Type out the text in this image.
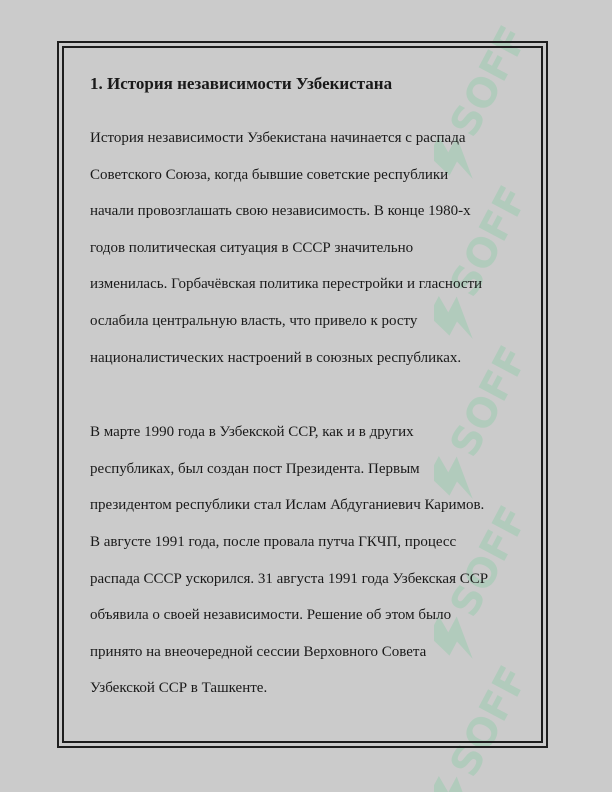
SOFF
SOFF
SOFF
SOFF
SOFF
1. История независимости Узбекистана

История независимости Узбекистана начинается с распада
Советского Союза, когда бывшие советские республики
начали провозглашать свою независимость. В конце 1980-х
годов политическая ситуация в СССР значительно
изменилась. Горбачёвская политика перестройки и гласности
ослабила центральную власть, что привело к росту
националистических настроений в союзных республиках.

В марте 1990 года в Узбекской ССР, как и в других
республиках, был создан пост Президента. Первым
президентом республики стал Ислам Абдуганиевич Каримов.
В августе 1991 года, после провала путча ГКЧП, процесс
распада СССР ускорился. 31 августа 1991 года Узбекская ССР
объявила о своей независимости. Решение об этом было
принято на внеочередной сессии Верховного Совета
Узбекской ССР в Ташкенте.
